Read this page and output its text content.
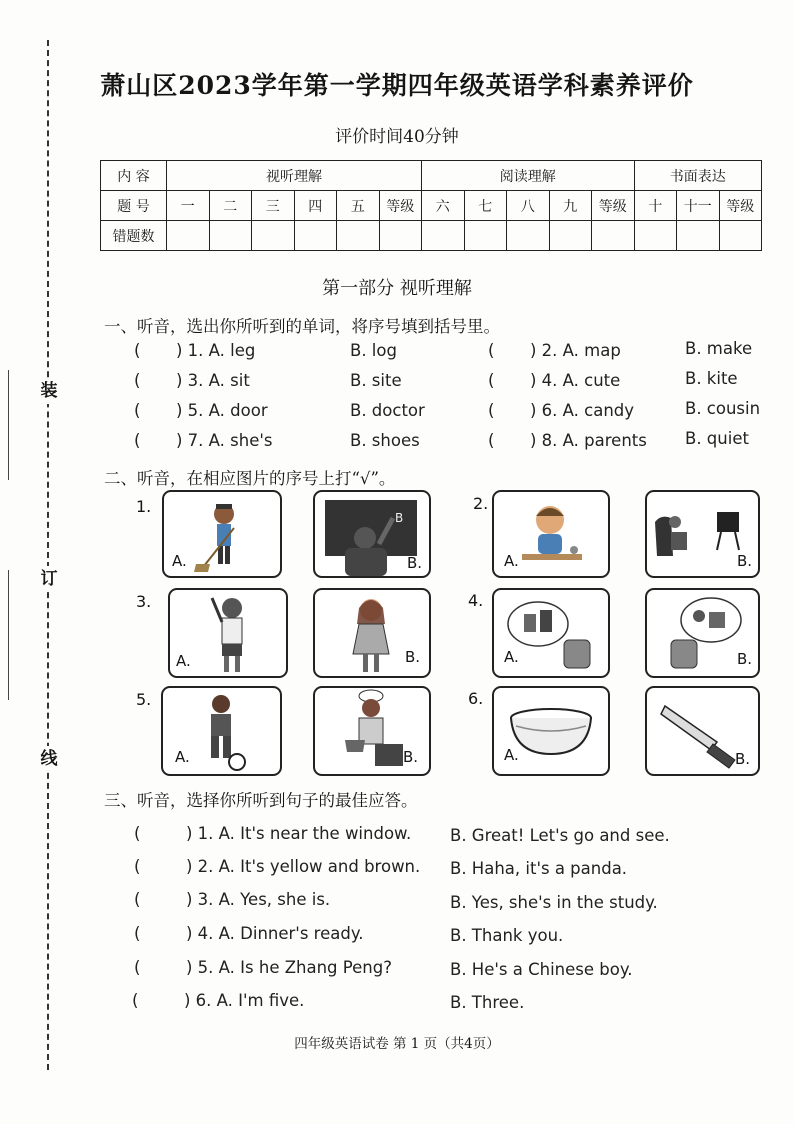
装
订
线
萧山区2023学年第一学期四年级英语学科素养评价
评价时间40分钟
内 容	视听理解						阅读理解					书面表达		
题 号	一	二	三	四	五	等级	六	七	八	九	等级	十	十一	等级
错题数														
第一部分 视听理解
一、听音，选出你所听到的单词，将序号填到括号里。
( ) 1. A. leg	B. log	( ) 2. A. map	B. make
( ) 3. A. sit	B. site	( ) 4. A. cute	B. kite
( ) 5. A. door	B. doctor	( ) 6. A. candy	B. cousin
( ) 7. A. she's	B. shoes	( ) 8. A. parents B. quiet
二、听音，在相应图片的序号上打“√”。
1.	2.
3.	4.
5.	6.
A.
B
B.	A.	B.
A.	B.	A.	B.
A.	B.	A.	B.
三、听音，选择你所听到句子的最佳应答。
(	) 1. A. It's near the window. B. Great! Let's go and see.
(	) 2. A. It's yellow and brown. B. Haha, it's a panda.
(	) 3. A. Yes, she is.	B. Yes, she's in the study.
(	) 4. A. Dinner's ready.	B. Thank you.
(	) 5. A. Is he Zhang Peng?	B. He's a Chinese boy.
(	) 6. A. I'm five.	B. Three.
四年级英语试卷 第 1 页（共4页）
